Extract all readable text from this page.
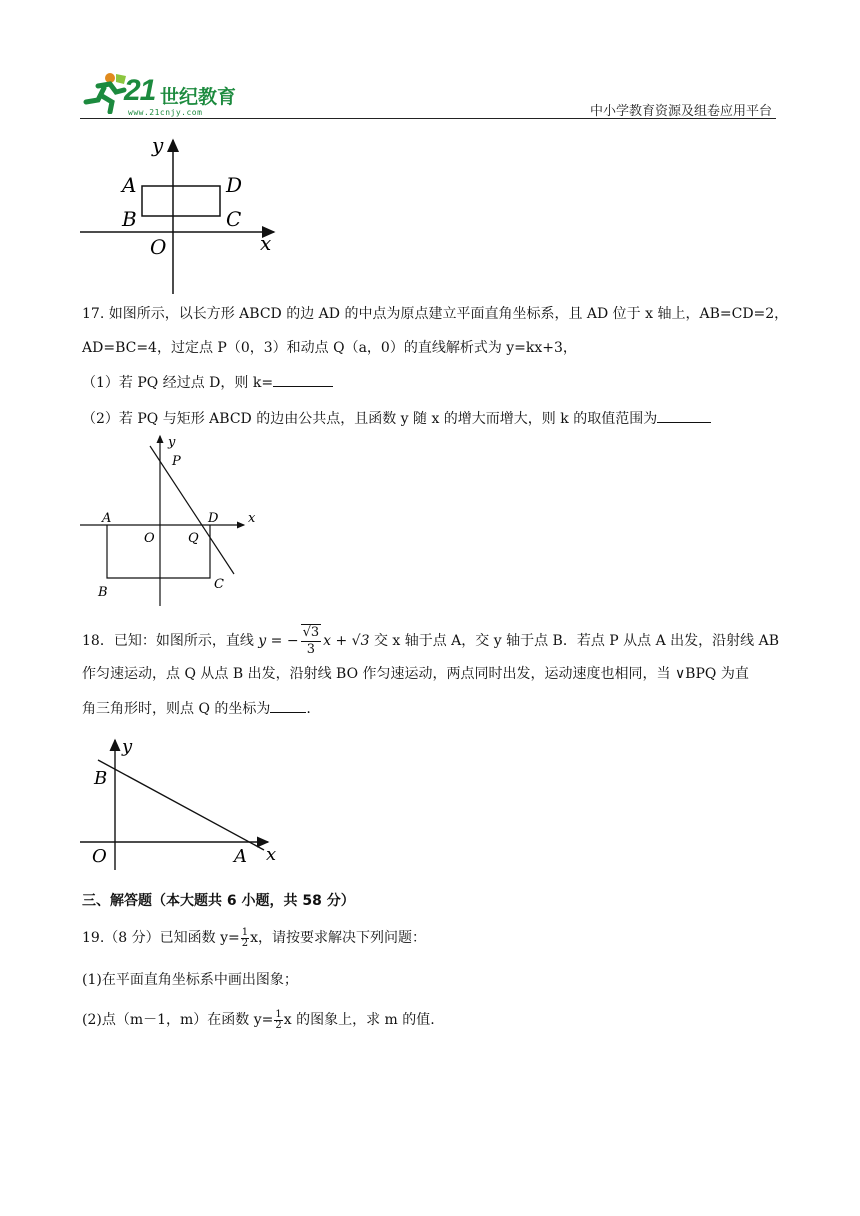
21 世纪教育
www.21cnjy.com	中小学教育资源及组卷应用平台
y
x
A	D
B	C
O
17. 如图所示，以长方形 ABCD 的边 AD 的中点为原点建立平面直角坐标系，且 AD 位于 x 轴上，AB=CD=2，
AD=BC=4，过定点 P（0，3）和动点 Q（a，0）的直线解析式为 y=kx+3，
（1）若 PQ 经过点 D，则 k=
（2）若 PQ 与矩形 ABCD 的边由公共点，且函数 y 随 x 的增大而增大，则 k 的取值范围为
y
P
x
A	D
O	Q
B
C
18．已知：如图所示，直线 y = − $\frac{√3}{3}$ x + √3 交 x 轴于点 A，交 y 轴于点 B．若点 P 从点 A 出发，沿射线 AB
作匀速运动，点 Q 从点 B 出发，沿射线 BO 作匀速运动，两点同时出发，运动速度也相同，当 ∨BPQ 为直
角三角形时，则点 Q 的坐标为	.
y
B
O	A x
三、解答题（本大题共 6 小题，共 58 分）
19.（8 分）已知函数 $y= \frac{1}{2}$ x，请按要求解决下列问题：
(1)在平面直角坐标系中画出图象；
(2)点（m－1，m）在函数 $y= \frac{1}{2}$ x 的图象上，求 m 的值.
